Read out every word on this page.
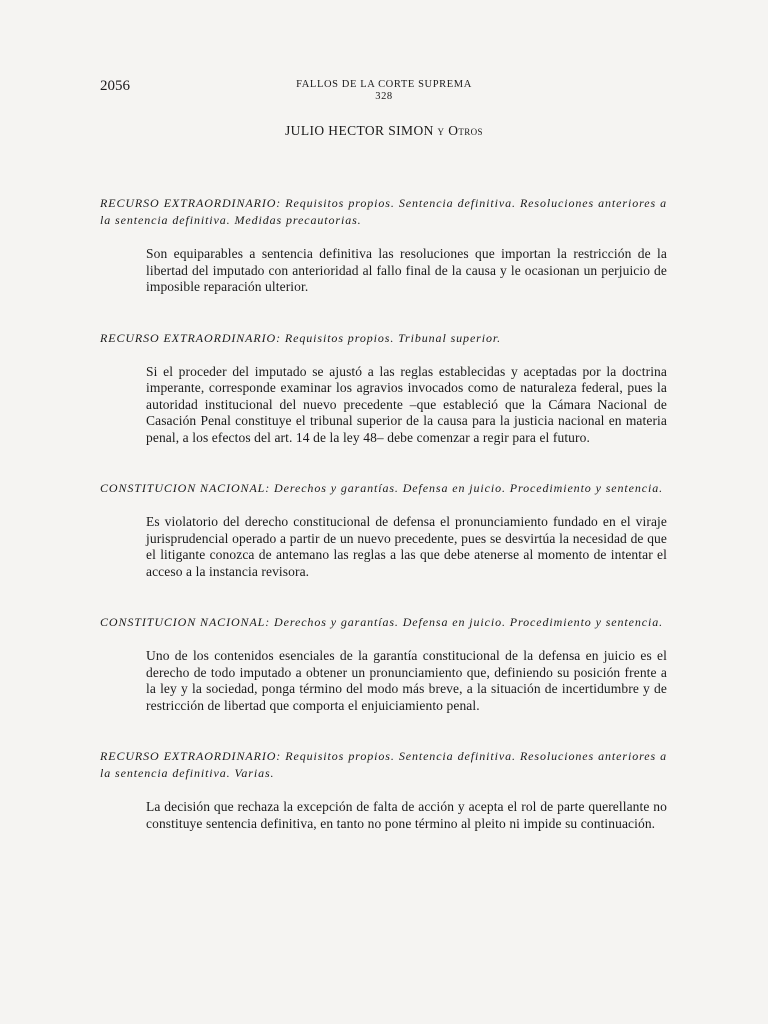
2056	FALLOS DE LA CORTE SUPREMA
328
JULIO HECTOR SIMON y Otros

RECURSO EXTRAORDINARIO: Requisitos propios. Sentencia definitiva. Resoluciones anteriores a la sentencia definitiva. Medidas precautorias.

Son equiparables a sentencia definitiva las resoluciones que importan la restricción de la libertad del imputado con anterioridad al fallo final de la causa y le ocasionan un perjuicio de imposible reparación ulterior.

RECURSO EXTRAORDINARIO: Requisitos propios. Tribunal superior.

Si el proceder del imputado se ajustó a las reglas establecidas y aceptadas por la doctrina imperante, corresponde examinar los agravios invocados como de naturaleza federal, pues la autoridad institucional del nuevo precedente –que estableció que la Cámara Nacional de Casación Penal constituye el tribunal superior de la causa para la justicia nacional en materia penal, a los efectos del art. 14 de la ley 48– debe comenzar a regir para el futuro.

CONSTITUCION NACIONAL: Derechos y garantías. Defensa en juicio. Procedimiento y sentencia.

Es violatorio del derecho constitucional de defensa el pronunciamiento fundado en el viraje jurisprudencial operado a partir de un nuevo precedente, pues se desvirtúa la necesidad de que el litigante conozca de antemano las reglas a las que debe atenerse al momento de intentar el acceso a la instancia revisora.

CONSTITUCION NACIONAL: Derechos y garantías. Defensa en juicio. Procedimiento y sentencia.

Uno de los contenidos esenciales de la garantía constitucional de la defensa en juicio es el derecho de todo imputado a obtener un pronunciamiento que, definiendo su posición frente a la ley y la sociedad, ponga término del modo más breve, a la situación de incertidumbre y de restricción de libertad que comporta el enjuiciamiento penal.

RECURSO EXTRAORDINARIO: Requisitos propios. Sentencia definitiva. Resoluciones anteriores a la sentencia definitiva. Varias.

La decisión que rechaza la excepción de falta de acción y acepta el rol de parte querellante no constituye sentencia definitiva, en tanto no pone término al pleito ni impide su continuación.
